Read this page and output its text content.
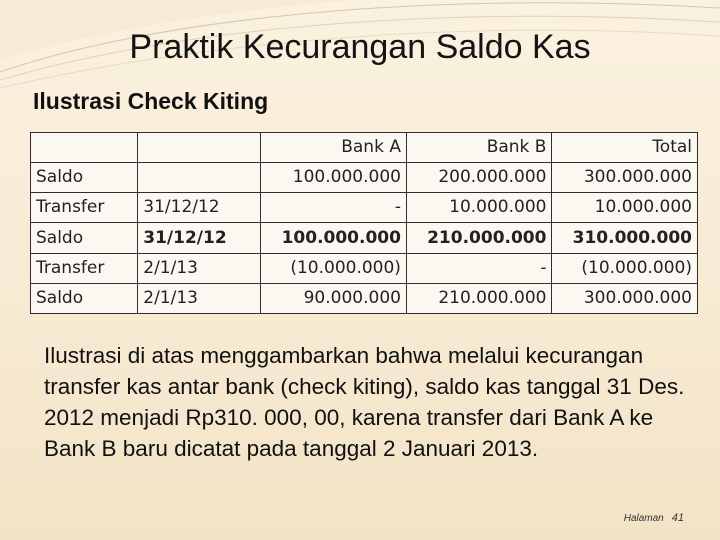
Praktik Kecurangan Saldo Kas
Ilustrasi Check Kiting
		Bank A	Bank B	Total
Saldo		100.000.000	200.000.000	300.000.000
Transfer	31/12/12	-	10.000.000	10.000.000
Saldo	31/12/12	100.000.000	210.000.000	310.000.000
Transfer	2/1/13	(10.000.000)	-	(10.000.000)
Saldo	2/1/13	90.000.000	210.000.000	300.000.000
Ilustrasi di atas menggambarkan bahwa melalui kecurangan transfer kas antar bank (check kiting), saldo kas tanggal 31 Des. 2012 menjadi Rp310. 000, 00, karena transfer dari Bank A ke Bank B baru dicatat pada tanggal 2 Januari 2013.
Halaman 41
